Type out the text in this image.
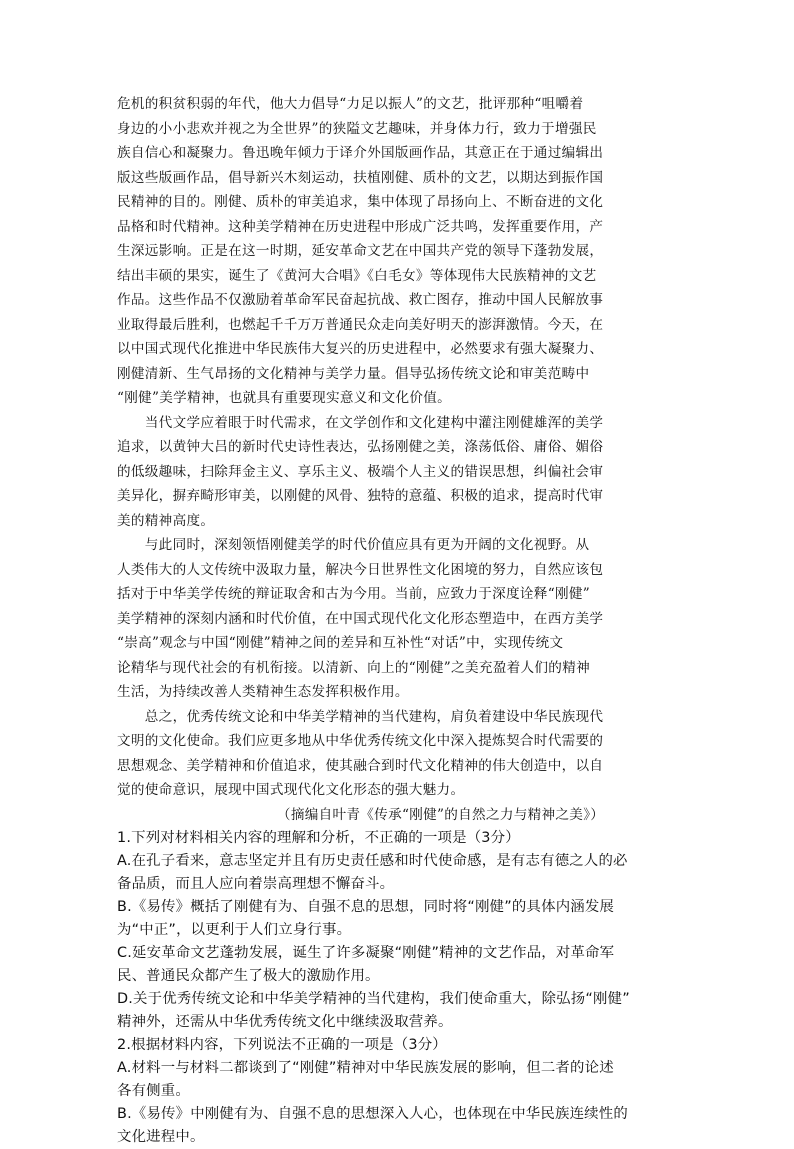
危机的积贫积弱的年代，他大力倡导“力足以振人”的文艺，批评那种“咀嚼着

身边的小小悲欢并视之为全世界”的狭隘文艺趣味，并身体力行，致力于增强民

族自信心和凝聚力。鲁迅晚年倾力于译介外国版画作品，其意正在于通过编辑出

版这些版画作品，倡导新兴木刻运动，扶植刚健、质朴的文艺，以期达到振作国

民精神的目的。刚健、质朴的审美追求，集中体现了昂扬向上、不断奋进的文化

品格和时代精神。这种美学精神在历史进程中形成广泛共鸣，发挥重要作用，产

生深远影响。正是在这一时期，延安革命文艺在中国共产党的领导下蓬勃发展，

结出丰硕的果实，诞生了《黄河大合唱》《白毛女》等体现伟大民族精神的文艺

作品。这些作品不仅激励着革命军民奋起抗战、救亡图存，推动中国人民解放事

业取得最后胜利，也燃起千千万万普通民众走向美好明天的澎湃激情。今天，在

以中国式现代化推进中华民族伟大复兴的历史进程中，必然要求有强大凝聚力、

刚健清新、生气昂扬的文化精神与美学力量。倡导弘扬传统文论和审美范畴中

“刚健”美学精神，也就具有重要现实意义和文化价值。

　　当代文学应着眼于时代需求，在文学创作和文化建构中灌注刚健雄浑的美学

追求，以黄钟大吕的新时代史诗性表达，弘扬刚健之美，涤荡低俗、庸俗、媚俗

的低级趣味，扫除拜金主义、享乐主义、极端个人主义的错误思想，纠偏社会审

美异化，摒弃畸形审美，以刚健的风骨、独特的意蕴、积极的追求，提高时代审

美的精神高度。

　　与此同时，深刻领悟刚健美学的时代价值应具有更为开阔的文化视野。从

人类伟大的人文传统中汲取力量，解决今日世界性文化困境的努力，自然应该包

括对于中华美学传统的辩证取舍和古为今用。当前，应致力于深度诠释“刚健”

美学精神的深刻内涵和时代价值，在中国式现代化文化形态塑造中，在西方美学

“崇高”观念与中国“刚健”精神之间的差异和互补性“对话”中，实现传统文

论精华与现代社会的有机衔接。以清新、向上的“刚健”之美充盈着人们的精神

生活，为持续改善人类精神生态发挥积极作用。

　　总之，优秀传统文论和中华美学精神的当代建构，肩负着建设中华民族现代

文明的文化使命。我们应更多地从中华优秀传统文化中深入提炼契合时代需要的

思想观念、美学精神和价值追求，使其融合到时代文化精神的伟大创造中，以自

觉的使命意识，展现中国式现代化文化形态的强大魅力。

　　　　　　　　　　　　（摘编自叶青《传承“刚健”的自然之力与精神之美》）

1.下列对材料相关内容的理解和分析，不正确的一项是（3分）

A.在孔子看来，意志坚定并且有历史责任感和时代使命感，是有志有德之人的必

备品质，而且人应向着崇高理想不懈奋斗。

B.《易传》概括了刚健有为、自强不息的思想，同时将“刚健”的具体内涵发展

为“中正”，以更利于人们立身行事。

C.延安革命文艺蓬勃发展，诞生了许多凝聚“刚健”精神的文艺作品，对革命军

民、普通民众都产生了极大的激励作用。

D.关于优秀传统文论和中华美学精神的当代建构，我们使命重大，除弘扬“刚健”

精神外，还需从中华优秀传统文化中继续汲取营养。

2.根据材料内容，下列说法不正确的一项是（3分）

A.材料一与材料二都谈到了“刚健”精神对中华民族发展的影响，但二者的论述

各有侧重。

B.《易传》中刚健有为、自强不息的思想深入人心，也体现在中华民族连续性的

文化进程中。
